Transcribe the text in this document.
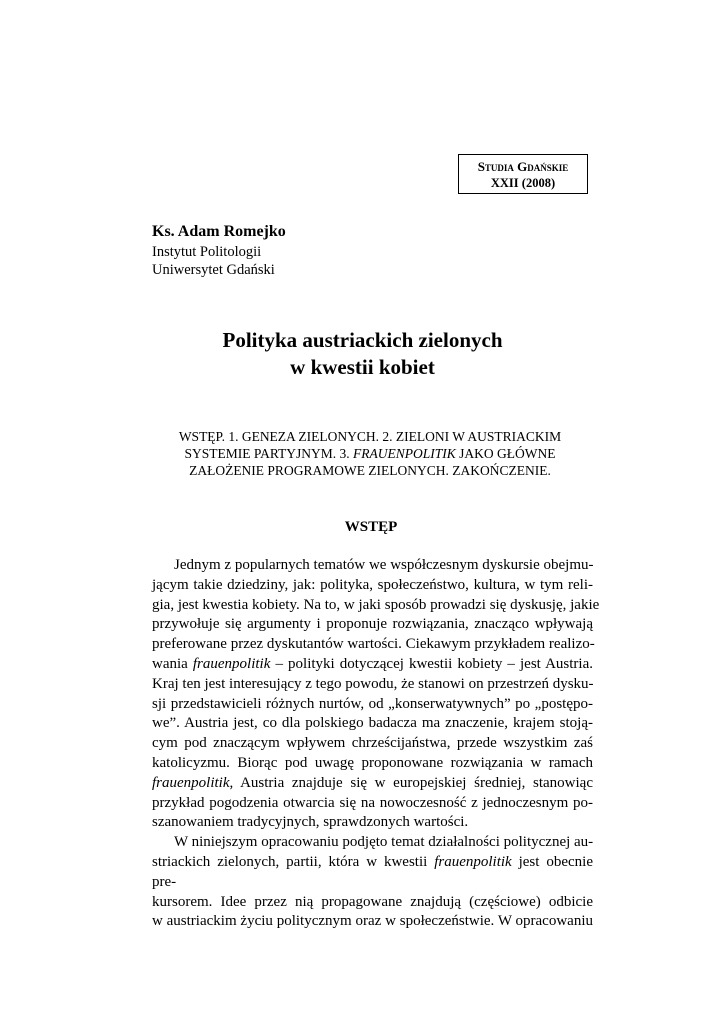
Studia Gdańskie
XXII (2008)
Ks. Adam Romejko
Instytut Politologii
Uniwersytet Gdański
Polityka austriackich zielonych
w kwestii kobiet
WSTĘP. 1. GENEZA ZIELONYCH. 2. ZIELONI W AUSTRIACKIM
SYSTEMIE PARTYJNYM. 3. FRAUENPOLITIK JAKO GŁÓWNE
ZAŁOŻENIE PROGRAMOWE ZIELONYCH. ZAKOŃCZENIE.
WSTĘP
Jednym z popularnych tematów we współczesnym dyskursie obejmu-
jącym takie dziedziny, jak: polityka, społeczeństwo, kultura, w tym reli-
gia, jest kwestia kobiety. Na to, w jaki sposób prowadzi się dyskusję, jakie
przywołuje się argumenty i proponuje rozwiązania, znacząco wpływają
preferowane przez dyskutantów wartości. Ciekawym przykładem realizo-
wania frauenpolitik – polityki dotyczącej kwestii kobiety – jest Austria.
Kraj ten jest interesujący z tego powodu, że stanowi on przestrzeń dysku-
sji przedstawicieli różnych nurtów, od „konserwatywnych” po „postępo-
we”. Austria jest, co dla polskiego badacza ma znaczenie, krajem stoją-
cym pod znaczącym wpływem chrześcijaństwa, przede wszystkim zaś
katolicyzmu. Biorąc pod uwagę proponowane rozwiązania w ramach
frauenpolitik, Austria znajduje się w europejskiej średniej, stanowiąc
przykład pogodzenia otwarcia się na nowoczesność z jednoczesnym po-
szanowaniem tradycyjnych, sprawdzonych wartości.
W niniejszym opracowaniu podjęto temat działalności politycznej au-
striackich zielonych, partii, która w kwestii frauenpolitik jest obecnie pre-
kursorem. Idee przez nią propagowane znajdują (częściowe) odbicie
w austriackim życiu politycznym oraz w społeczeństwie. W opracowaniu
